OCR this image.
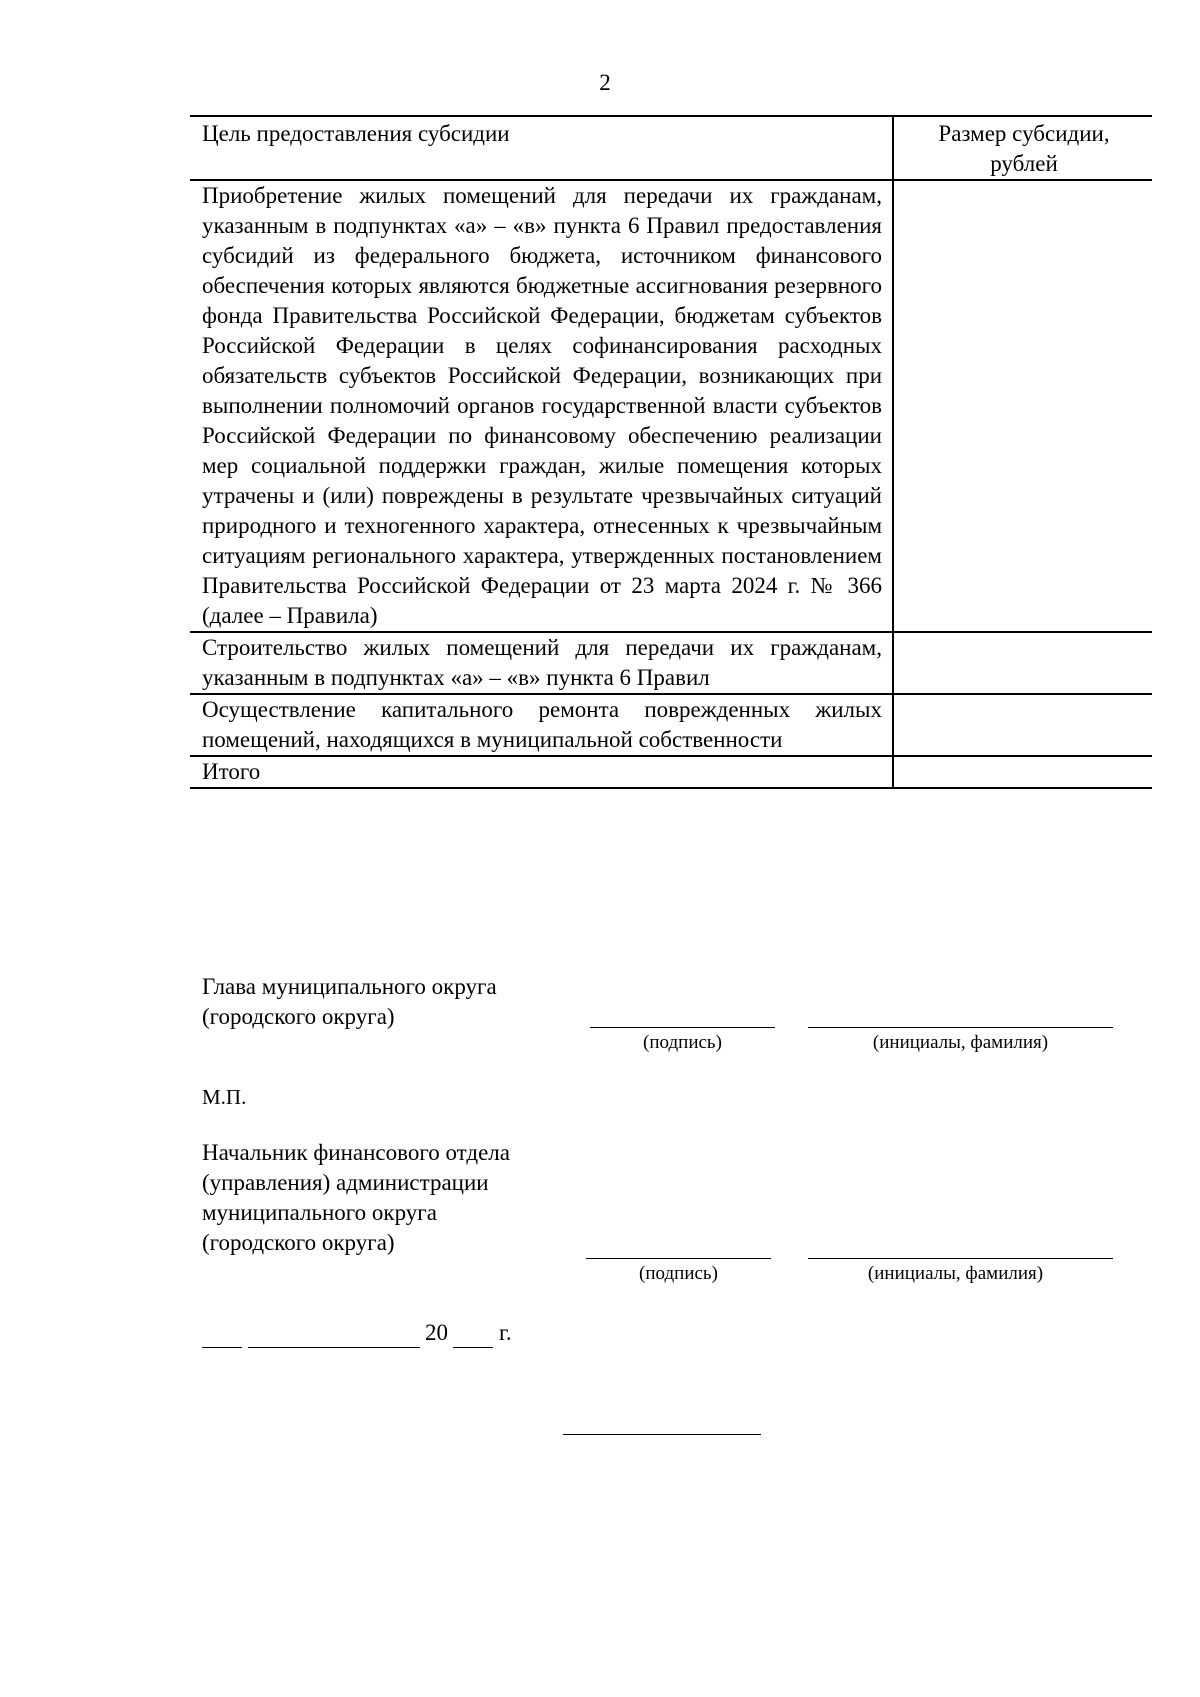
2
Цель предоставления субсидии	Размер субсидии, рублей
Приобретение жилых помещений для передачи их гражданам, указанным в подпунктах «а» – «в» пункта 6 Правил предоставления субсидий из федерального бюджета, источником финансового обеспечения которых являются бюджетные ассигнования резервного фонда Правительства Российской Федерации, бюджетам субъектов Российской Федерации в целях софинансирования расходных обязательств субъектов Российской Федерации, возникающих при выполнении полномочий органов государственной власти субъектов Российской Федерации по финансовому обеспечению реализации мер социальной поддержки граждан, жилые помещения которых утрачены и (или) повреждены в результате чрезвычайных ситуаций природного и техногенного характера, отнесенных к чрезвычайным ситуациям регионального характера, утвержденных постановлением Правительства Российской Федерации от 23 марта 2024 г. № 366 (далее – Правила)	
Строительство жилых помещений для передачи их гражданам, указанным в подпунктах «а» – «в» пункта 6 Правил	
Осуществление капитального ремонта поврежденных жилых помещений, находящихся в муниципальной собственности	
Итого	
Глава муниципального округа
(городского округа)
(подпись)	(инициалы, фамилия)
М.П.
Начальник финансового отдела
(управления) администрации
муниципального округа
(городского округа)
(подпись)	(инициалы, фамилия)
20 г.
